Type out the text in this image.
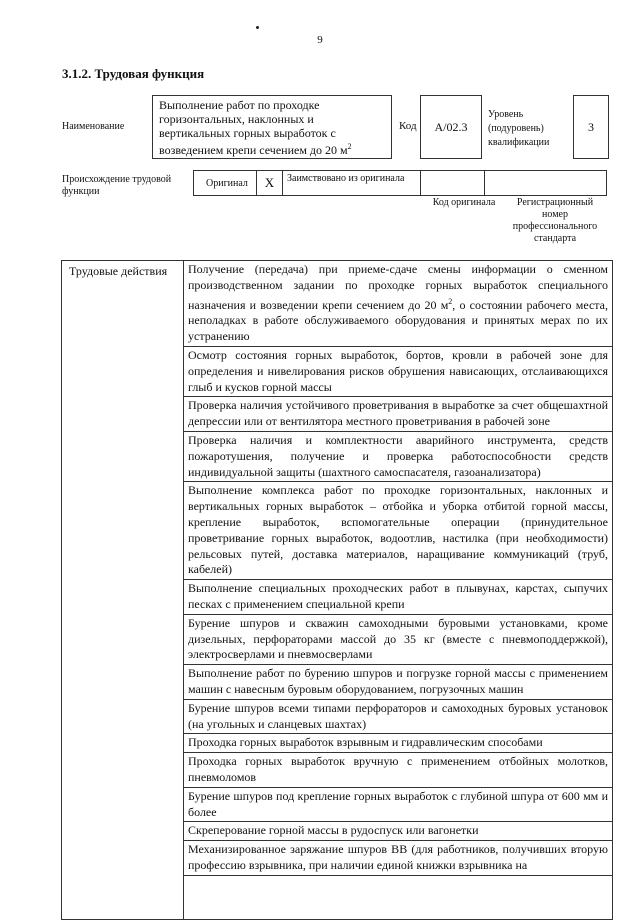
9
3.1.2. Трудовая функция
Наименование
Выполнение работ по проходке горизонтальных, наклонных и вертикальных горных выработок с возведением крепи сечением до 20 $м^2$
Код А/02.3
Уровень (подуровень) квалификации
3
Происхождение трудовой функции
Оригинал	Х	Заимствовано из оригинала
Код оригинала	Регистрационный номер профессионального стандарта
Трудовые действия	Получение (передача) при приеме-сдаче смены информации о сменном производственном задании по проходке горных выработок специального назначения и возведении крепи сечением до 20 $м^2$, о состоянии рабочего места, неполадках в работе обслуживаемого оборудования и принятых мерах по их устранению
Осмотр состояния горных выработок, бортов, кровли в рабочей зоне для определения и нивелирования рисков обрушения нависающих, отслаивающихся глыб и кусков горной массы
Проверка наличия устойчивого проветривания в выработке за счет общешахтной депрессии или от вентилятора местного проветривания в рабочей зоне
Проверка наличия и комплектности аварийного инструмента, средств пожаротушения, получение и проверка работоспособности средств индивидуальной защиты (шахтного самоспасателя, газоанализатора)
Выполнение комплекса работ по проходке горизонтальных, наклонных и вертикальных горных выработок – отбойка и уборка отбитой горной массы, крепление выработок, вспомогательные операции (принудительное проветривание горных выработок, водоотлив, настилка (при необходимости) рельсовых путей, доставка материалов, наращивание коммуникаций (труб, кабелей)
Выполнение специальных проходческих работ в плывунах, карстах, сыпучих песках с применением специальной крепи
Бурение шпуров и скважин самоходными буровыми установками, кроме дизельных, перфораторами массой до 35 кг (вместе с пневмоподдержкой), электросверлами и пневмосверлами
Выполнение работ по бурению шпуров и погрузке горной массы с применением машин с навесным буровым оборудованием, погрузочных машин
Бурение шпуров всеми типами перфораторов и самоходных буровых установок (на угольных и сланцевых шахтах)
Проходка горных выработок взрывным и гидравлическим способами
Проходка горных выработок вручную с применением отбойных молотков, пневмоломов
Бурение шпуров под крепление горных выработок с глубиной шпура от 600 мм и более
Скреперование горной массы в рудоспуск или вагонетки
Механизированное заряжание шпуров ВВ (для работников, получивших вторую профессию взрывника, при наличии единой книжки взрывника на
